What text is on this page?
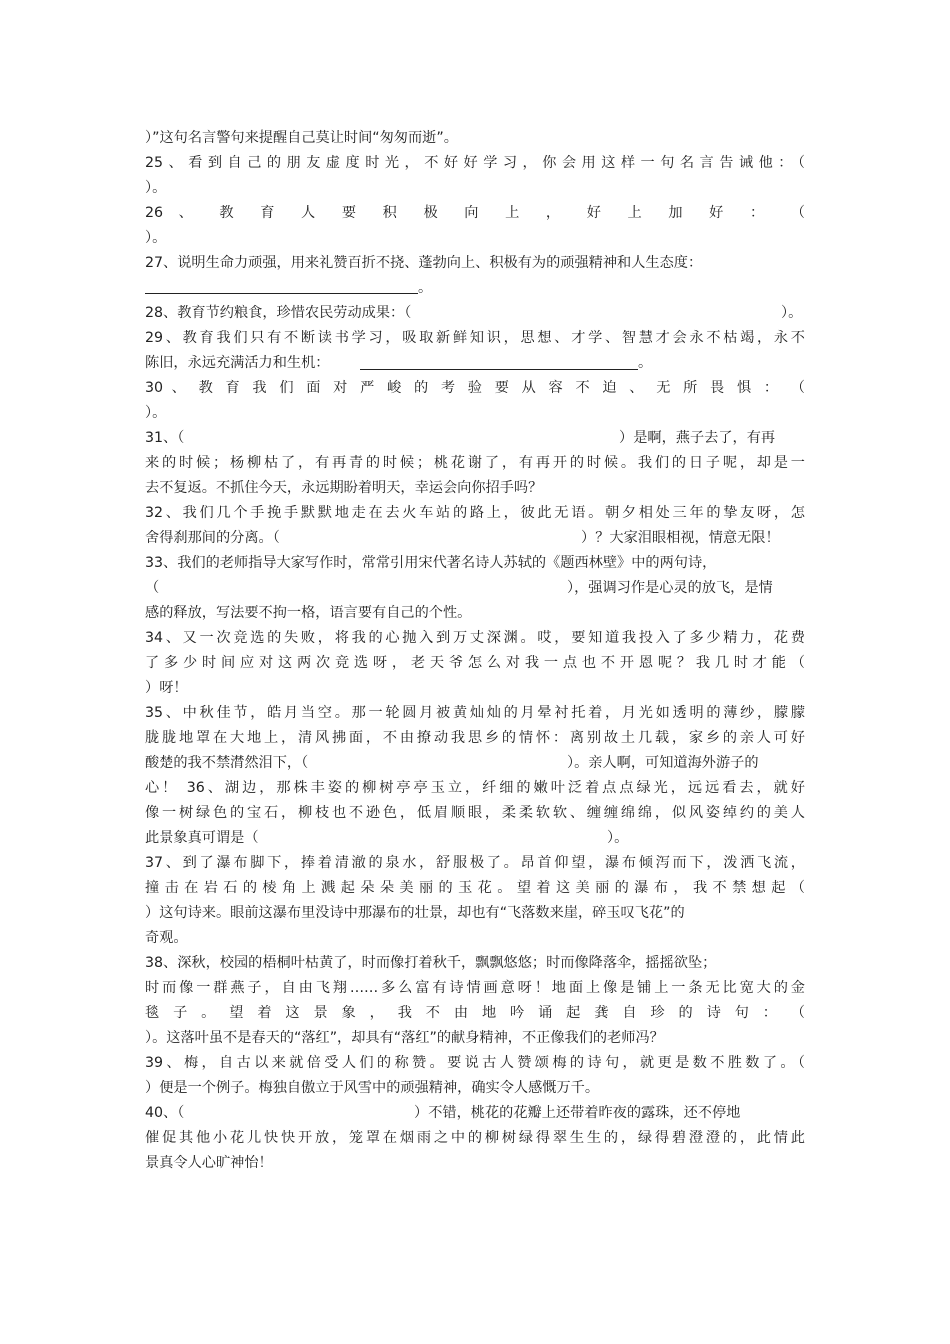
）”这句名言警句来提醒自己莫让时间“匆匆而逝”。
25、看到自己的朋友虚度时光，不好好学习，你会用这样一句名言告诫他：（
）。
26 、 教 育 人 要 积 极 向 上 ， 好 上 加 好 ： （
）。
27、说明生命力顽强，用来礼赞百折不挠、蓬勃向上、积极有为的顽强精神和人生态度：
。
28、教育节约粮食，珍惜农民劳动成果：（	）。
29、教育我们只有不断读书学习，吸取新鲜知识，思想、才学、智慧才会永不枯竭，永不
陈旧，永远充满活力和生机：	。
30 、 教 育 我 们 面 对 严 峻 的 考 验 要 从 容 不 迫 、 无 所 畏 惧 ： （
）。
31、（	）是啊，燕子去了，有再
来的时候；杨柳枯了，有再青的时候；桃花谢了，有再开的时候。我们的日子呢，却是一
去不复返。不抓住今天，永远期盼着明天，幸运会向你招手吗？
32、我们几个手挽手默默地走在去火车站的路上，彼此无语。朝夕相处三年的挚友呀，怎
舍得刹那间的分离。（	）？大家泪眼相视，情意无限！
33、我们的老师指导大家写作时，常常引用宋代著名诗人苏轼的《题西林壁》中的两句诗，
（	），强调习作是心灵的放飞，是情
感的释放，写法要不拘一格，语言要有自己的个性。
34、又一次竞选的失败，将我的心抛入到万丈深渊。哎，要知道我投入了多少精力，花费
了多少时间应对这两次竞选呀，老天爷怎么对我一点也不开恩呢？我几时才能（
）呀！
35、中秋佳节，皓月当空。那一轮圆月被黄灿灿的月晕衬托着，月光如透明的薄纱，朦朦
胧胧地罩在大地上，清风拂面，不由撩动我思乡的情怀：离别故土几载，家乡的亲人可好
酸楚的我不禁潸然泪下，（	）。亲人啊，可知道海外游子的
心！ 36、湖边，那株丰姿的柳树亭亭玉立，纤细的嫩叶泛着点点绿光，远远看去，就好
像一树绿色的宝石，柳枝也不逊色，低眉顺眼，柔柔软软、缠缠绵绵，似风姿绰约的美人
此景象真可谓是（	）。
37、到了瀑布脚下，捧着清澈的泉水，舒服极了。昂首仰望，瀑布倾泻而下，泼洒飞流，
撞击在岩石的棱角上溅起朵朵美丽的玉花。望着这美丽的瀑布，我不禁想起（
）这句诗来。眼前这瀑布里没诗中那瀑布的壮景，却也有“飞落数来崖，碎玉叹飞花”的
奇观。
38、深秋，校园的梧桐叶枯黄了，时而像打着秋千，飘飘悠悠；时而像降落伞，摇摇欲坠；
时而像一群燕子，自由飞翔……多么富有诗情画意呀！地面上像是铺上一条无比宽大的金
毯 子 。 望 着 这 景 象 ， 我 不 由 地 吟 诵 起 龚 自 珍 的 诗 句 ： （
）。这落叶虽不是春天的“落红”，却具有“落红”的献身精神，不正像我们的老师冯？
39、梅，自古以来就倍受人们的称赞。要说古人赞颂梅的诗句，就更是数不胜数了。（
）便是一个例子。梅独自傲立于风雪中的顽强精神，确实令人感慨万千。
40、（	）不错，桃花的花瓣上还带着昨夜的露珠，还不停地
催促其他小花儿快快开放，笼罩在烟雨之中的柳树绿得翠生生的，绿得碧澄澄的，此情此
景真令人心旷神怡！
